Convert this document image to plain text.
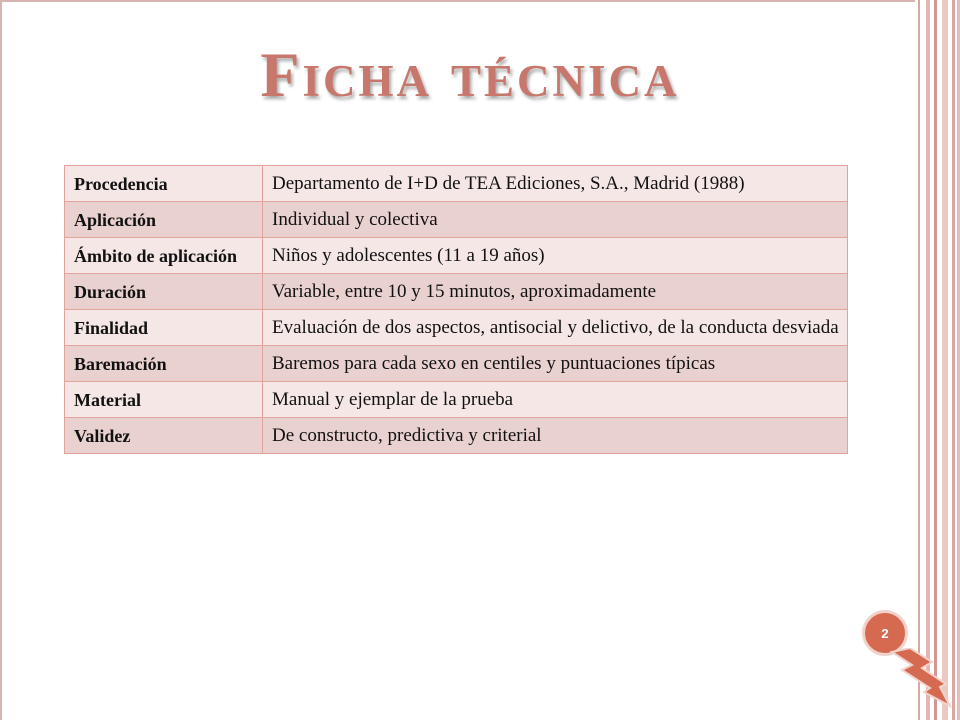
Ficha técnica
Procedencia	Departamento de I+D de TEA Ediciones, S.A., Madrid (1988)
Aplicación	Individual y colectiva
Ámbito de aplicación	Niños y adolescentes (11 a 19 años)
Duración	Variable, entre 10 y 15 minutos, aproximadamente
Finalidad	Evaluación de dos aspectos, antisocial y delictivo, de la conducta desviada
Baremación	Baremos para cada sexo en centiles y puntuaciones típicas
Material	Manual y ejemplar de la prueba
Validez	De constructo, predictiva y criterial
2
